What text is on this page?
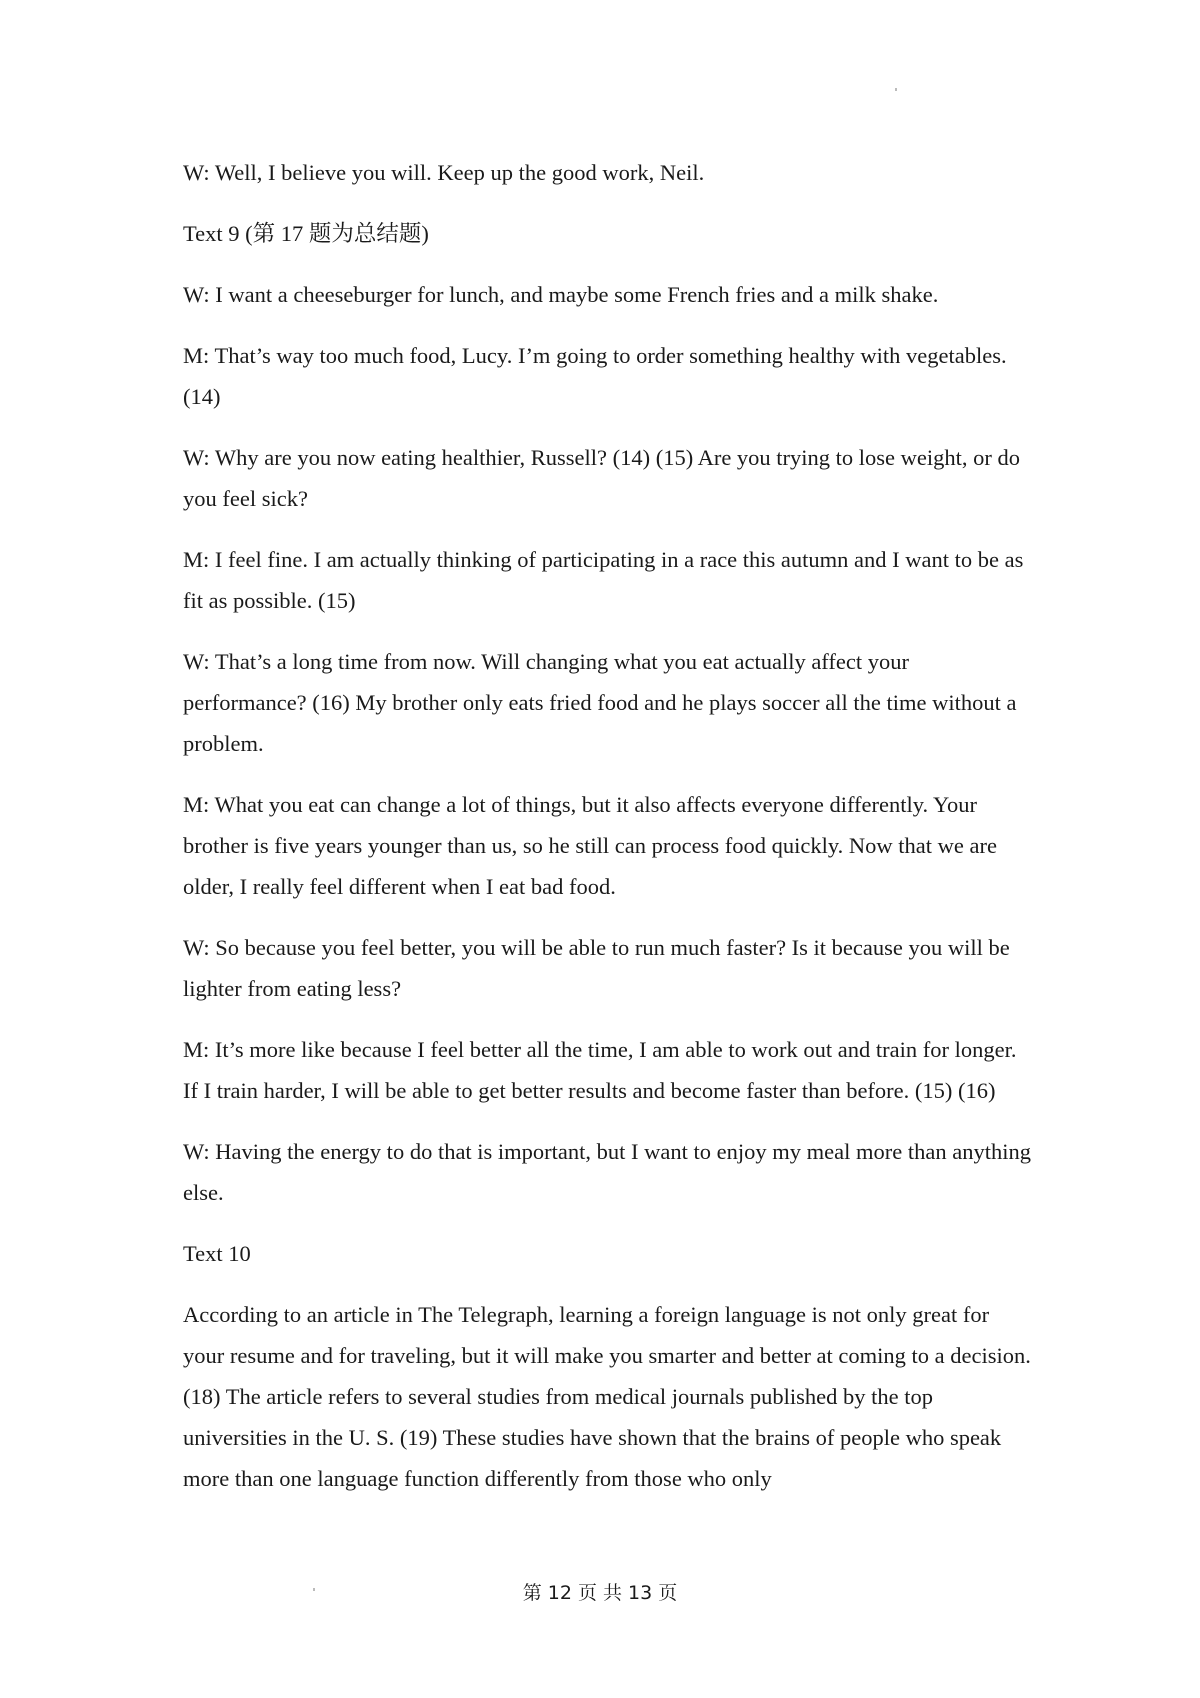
W: Well, I believe you will. Keep up the good work, Neil.

Text 9 (第 17 题为总结题)

W: I want a cheeseburger for lunch, and maybe some French fries and a milk shake.

M: That’s way too much food, Lucy. I’m going to order something healthy with vegetables. (14)

W: Why are you now eating healthier, Russell? (14) (15) Are you trying to lose weight, or do you feel sick?

M: I feel fine. I am actually thinking of participating in a race this autumn and I want to be as fit as possible. (15)

W: That’s a long time from now. Will changing what you eat actually affect your performance? (16) My brother only eats fried food and he plays soccer all the time without a problem.

M: What you eat can change a lot of things, but it also affects everyone differently. Your brother is five years younger than us, so he still can process food quickly. Now that we are older, I really feel different when I eat bad food.

W: So because you feel better, you will be able to run much faster? Is it because you will be lighter from eating less?

M: It’s more like because I feel better all the time, I am able to work out and train for longer. If I train harder, I will be able to get better results and become faster than before. (15) (16)

W: Having the energy to do that is important, but I want to enjoy my meal more than anything else.

Text 10

According to an article in The Telegraph, learning a foreign language is not only great for your resume and for traveling, but it will make you smarter and better at coming to a decision. (18) The article refers to several studies from medical journals published by the top universities in the U. S. (19) These studies have shown that the brains of people who speak more than one language function differently from those who only

第 12 页 共 13 页
